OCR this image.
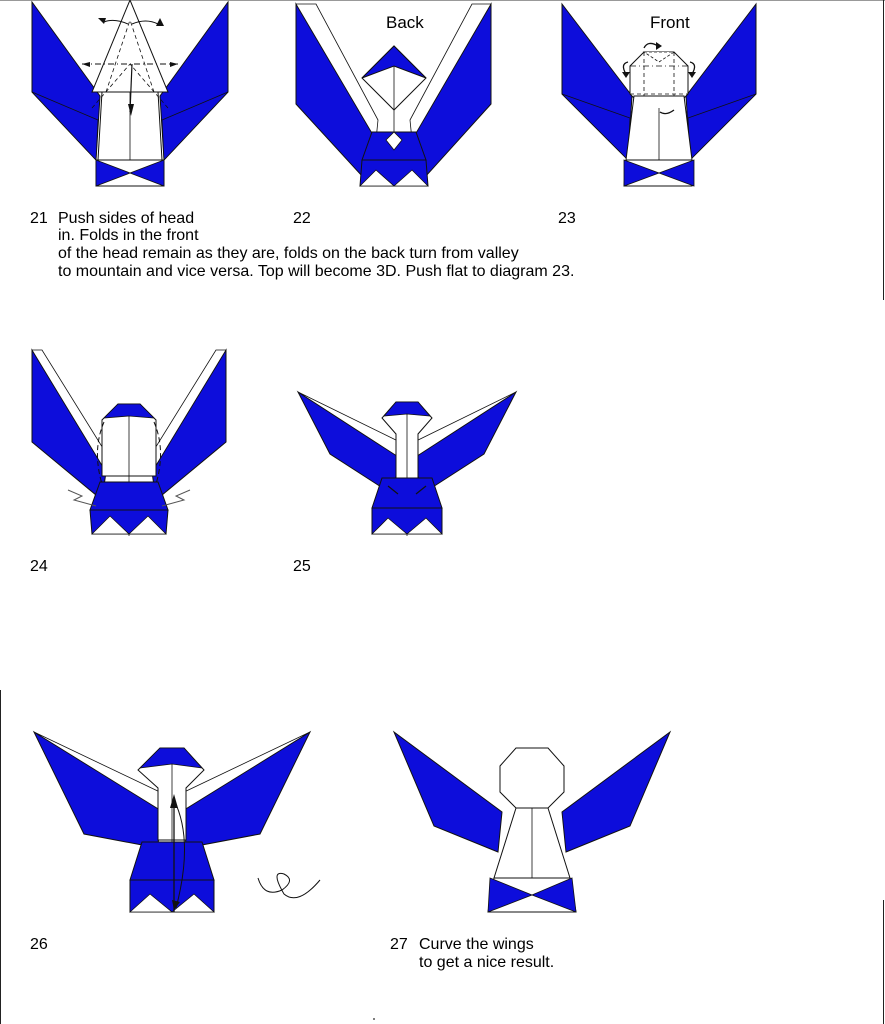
Back	Front
21 Push sides of head
in. Folds in the front
of the head remain as they are, folds on the back turn from valley
to mountain and vice versa. Top will become 3D. Push flat to diagram 23.
22	23
24	25
26	27 Curve the wings
to get a nice result.
